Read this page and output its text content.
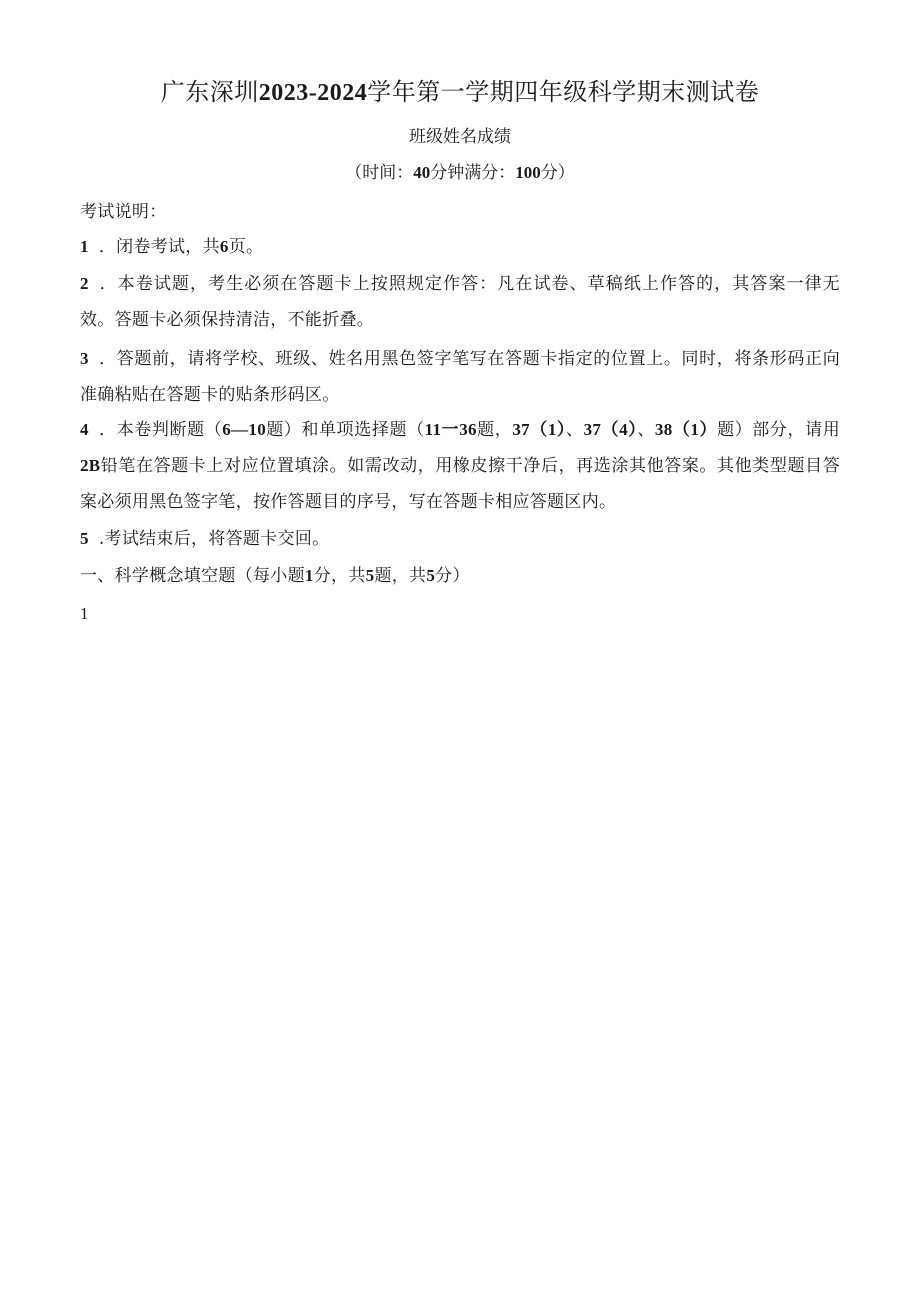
广东深圳2023-2024学年第一学期四年级科学期末测试卷
班级姓名成绩
（时间：40分钟满分：100分）
考试说明：
1 ．闭卷考试，共6页。
2 ．本卷试题，考生必须在答题卡上按照规定作答：凡在试卷、草稿纸上作答的，其答案一律无效。答题卡必须保持清洁，不能折叠。
3 ．答题前，请将学校、班级、姓名用黑色签字笔写在答题卡指定的位置上。同时，将条形码正向准确粘贴在答题卡的贴条形码区。
4 ．本卷判断题（6—10题）和单项选择题（11一36题，37（1）、37（4）、38（1）题）部分，请用2B铅笔在答题卡上对应位置填涂。如需改动，用橡皮擦干净后，再选涂其他答案。其他类型题目答案必须用黑色签字笔，按作答题目的序号，写在答题卡相应答题区内。
5 .考试结束后，将答题卡交回。
一、科学概念填空题（每小题1分，共5题，共5分）
1
